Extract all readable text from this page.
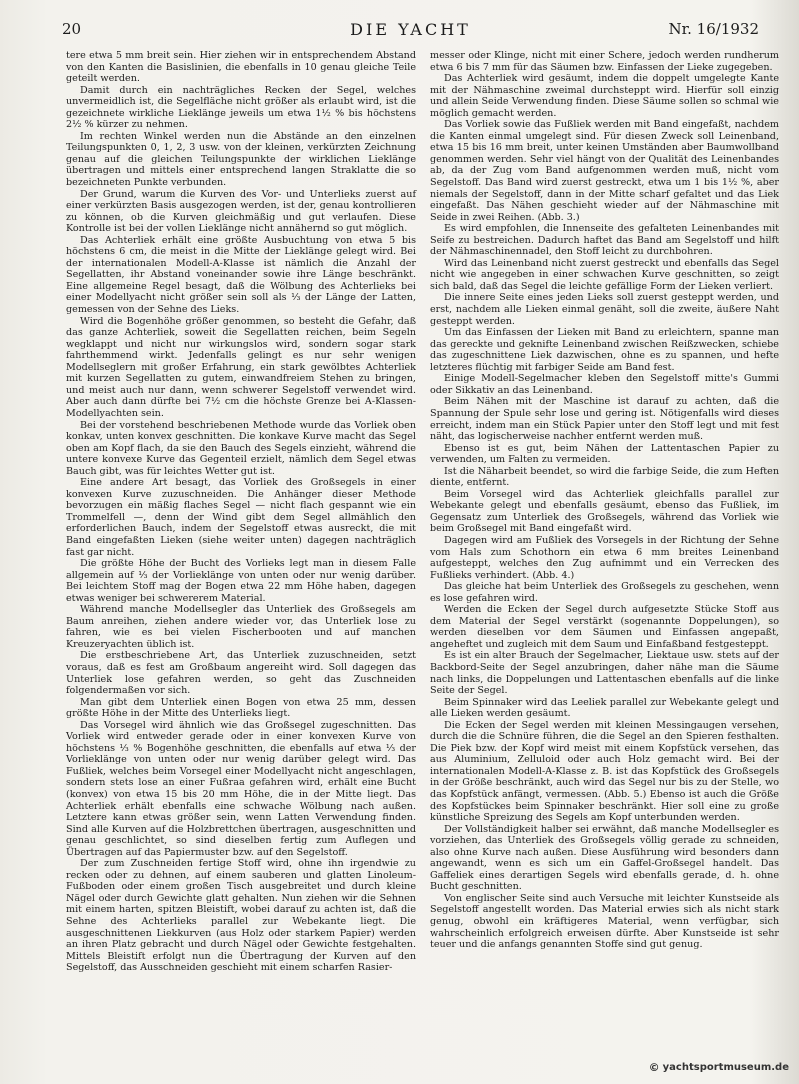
20	DIE YACHT	Nr. 16/1932

tere etwa 5 mm breit sein. Hier ziehen wir in entsprechendem Abstand von den Kanten die Basislinien, die ebenfalls in 10 genau gleiche Teile geteilt werden.

Damit durch ein nachträgliches Recken der Segel, welches unvermeidlich ist, die Segelfläche nicht größer als erlaubt wird, ist die gezeichnete wirkliche Lieklänge jeweils um etwa 1½ % bis höchstens 2½ % kürzer zu nehmen.

Im rechten Winkel werden nun die Abstände an den einzelnen Teilungspunkten 0, 1, 2, 3 usw. von der kleinen, verkürzten Zeichnung genau auf die gleichen Teilungspunkte der wirklichen Lieklänge übertragen und mittels einer entsprechend langen Straklatte die so bezeichneten Punkte verbunden.

Der Grund, warum die Kurven des Vor- und Unterlieks zuerst auf einer verkürzten Basis ausgezogen werden, ist der, genau kontrollieren zu können, ob die Kurven gleichmäßig und gut verlaufen. Diese Kontrolle ist bei der vollen Lieklänge nicht annähernd so gut möglich.

Das Achterliek erhält eine größte Ausbuchtung von etwa 5 bis höchstens 6 cm, die meist in die Mitte der Lieklänge gelegt wird. Bei der internationalen Modell-A-Klasse ist nämlich die Anzahl der Segellatten, ihr Abstand voneinander sowie ihre Länge beschränkt. Eine allgemeine Regel besagt, daß die Wölbung des Achterlieks bei einer Modellyacht nicht größer sein soll als ⅓ der Länge der Latten, gemessen von der Sehne des Lieks.

Wird die Bogenhöhe größer genommen, so besteht die Gefahr, daß das ganze Achterliek, soweit die Segellatten reichen, beim Segeln wegklappt und nicht nur wirkungslos wird, sondern sogar stark fahrthemmend wirkt. Jedenfalls gelingt es nur sehr wenigen Modellseglern mit großer Erfahrung, ein stark gewölbtes Achterliek mit kurzen Segellatten zu gutem, einwandfreiem Stehen zu bringen, und meist auch nur dann, wenn schwerer Segelstoff verwendet wird. Aber auch dann dürfte bei 7½ cm die höchste Grenze bei A-Klassen-Modellyachten sein.

Bei der vorstehend beschriebenen Methode wurde das Vorliek oben konkav, unten konvex geschnitten. Die konkave Kurve macht das Segel oben am Kopf flach, da sie den Bauch des Segels einzieht, während die untere konvexe Kurve das Gegenteil erzielt, nämlich dem Segel etwas Bauch gibt, was für leichtes Wetter gut ist.

Eine andere Art besagt, das Vorliek des Großsegels in einer konvexen Kurve zuzuschneiden. Die Anhänger dieser Methode bevorzugen ein mäßig flaches Segel — nicht flach gespannt wie ein Trommelfell —, denn der Wind gibt dem Segel allmählich den erforderlichen Bauch, indem der Segelstoff etwas ausreckt, die mit Band eingefaßten Lieken (siehe weiter unten) dagegen nachträglich fast gar nicht.

Die größte Höhe der Bucht des Vorlieks legt man in diesem Falle allgemein auf ⅓ der Vorlieklänge von unten oder nur wenig darüber. Bei leichtem Stoff mag der Bogen etwa 22 mm Höhe haben, dagegen etwas weniger bei schwererem Material.

Während manche Modellsegler das Unterliek des Großsegels am Baum anreihen, ziehen andere wieder vor, das Unterliek lose zu fahren, wie es bei vielen Fischerbooten und auf manchen Kreuzeryachten üblich ist.

Die erstbeschriebene Art, das Unterliek zuzuschneiden, setzt voraus, daß es fest am Großbaum angereiht wird. Soll dagegen das Unterliek lose gefahren werden, so geht das Zuschneiden folgendermaßen vor sich.

Man gibt dem Unterliek einen Bogen von etwa 25 mm, dessen größte Höhe in der Mitte des Unterlieks liegt.

Das Vorsegel wird ähnlich wie das Großsegel zugeschnitten. Das Vorliek wird entweder gerade oder in einer konvexen Kurve von höchstens ⅓ % Bogenhöhe geschnitten, die ebenfalls auf etwa ⅓ der Vorlieklänge von unten oder nur wenig darüber gelegt wird. Das Fußliek, welches beim Vorsegel einer Modellyacht nicht angeschlagen, sondern stets lose an einer Fußraa gefahren wird, erhält eine Bucht (konvex) von etwa 15 bis 20 mm Höhe, die in der Mitte liegt. Das Achterliek erhält ebenfalls eine schwache Wölbung nach außen. Letztere kann etwas größer sein, wenn Latten Verwendung finden. Sind alle Kurven auf die Holzbrettchen übertragen, ausgeschnitten und genau geschlichtet, so sind dieselben fertig zum Auflegen und Übertragen auf das Papiermuster bzw. auf den Segelstoff.

Der zum Zuschneiden fertige Stoff wird, ohne ihn irgendwie zu recken oder zu dehnen, auf einem sauberen und glatten Linoleum-Fußboden oder einem großen Tisch ausgebreitet und durch kleine Nägel oder durch Gewichte glatt gehalten. Nun ziehen wir die Sehnen mit einem harten, spitzen Bleistift, wobei darauf zu achten ist, daß die Sehne des Achterlieks parallel zur Webekante liegt. Die ausgeschnittenen Liekkurven (aus Holz oder starkem Papier) werden an ihren Platz gebracht und durch Nägel oder Gewichte festgehalten. Mittels Bleistift erfolgt nun die Übertragung der Kurven auf den Segelstoff, das Ausschneiden geschieht mit einem scharfen Rasier-

messer oder Klinge, nicht mit einer Schere, jedoch werden rundherum etwa 6 bis 7 mm für das Säumen bzw. Einfassen der Lieke zugegeben.

Das Achterliek wird gesäumt, indem die doppelt umgelegte Kante mit der Nähmaschine zweimal durchsteppt wird. Hierfür soll einzig und allein Seide Verwendung finden. Diese Säume sollen so schmal wie möglich gemacht werden.

Das Vorliek sowie das Fußliek werden mit Band eingefaßt, nachdem die Kanten einmal umgelegt sind. Für diesen Zweck soll Leinenband, etwa 15 bis 16 mm breit, unter keinen Umständen aber Baumwollband genommen werden. Sehr viel hängt von der Qualität des Leinenbandes ab, da der Zug vom Band aufgenommen werden muß, nicht vom Segelstoff. Das Band wird zuerst gestreckt, etwa um 1 bis 1½ %, aber niemals der Segelstoff, dann in der Mitte scharf gefaltet und das Liek eingefaßt. Das Nähen geschieht wieder auf der Nähmaschine mit Seide in zwei Reihen. (Abb. 3.)

Es wird empfohlen, die Innenseite des gefalteten Leinenbandes mit Seife zu bestreichen. Dadurch haftet das Band am Segelstoff und hilft der Nähmaschinennadel, den Stoff leicht zu durchbohren.

Wird das Leinenband nicht zuerst gestreckt und ebenfalls das Segel nicht wie angegeben in einer schwachen Kurve geschnitten, so zeigt sich bald, daß das Segel die leichte gefällige Form der Lieken verliert.

Die innere Seite eines jeden Lieks soll zuerst gesteppt werden, und erst, nachdem alle Lieken einmal genäht, soll die zweite, äußere Naht gesteppt werden.

Um das Einfassen der Lieken mit Band zu erleichtern, spanne man das gereckte und geknifte Leinenband zwischen Reißzwecken, schiebe das zugeschnittene Liek dazwischen, ohne es zu spannen, und hefte letzteres flüchtig mit farbiger Seide am Band fest.

Einige Modell-Segelmacher kleben den Segelstoff mitte's Gummi oder Sikkativ an das Leinenband.

Beim Nähen mit der Maschine ist darauf zu achten, daß die Spannung der Spule sehr lose und gering ist. Nötigenfalls wird dieses erreicht, indem man ein Stück Papier unter den Stoff legt und mit fest näht, das logischerweise nachher entfernt werden muß.

Ebenso ist es gut, beim Nähen der Lattentaschen Papier zu verwenden, um Falten zu vermeiden.

Ist die Näharbeit beendet, so wird die farbige Seide, die zum Heften diente, entfernt.

Beim Vorsegel wird das Achterliek gleichfalls parallel zur Webekante gelegt und ebenfalls gesäumt, ebenso das Fußliek, im Gegensatz zum Unterliek des Großsegels, während das Vorliek wie beim Großsegel mit Band eingefaßt wird.

Dagegen wird am Fußliek des Vorsegels in der Richtung der Sehne vom Hals zum Schothorn ein etwa 6 mm breites Leinenband aufgesteppt, welches den Zug aufnimmt und ein Verrecken des Fußlieks verhindert. (Abb. 4.)

Das gleiche hat beim Unterliek des Großsegels zu geschehen, wenn es lose gefahren wird.

Werden die Ecken der Segel durch aufgesetzte Stücke Stoff aus dem Material der Segel verstärkt (sogenannte Doppelungen), so werden dieselben vor dem Säumen und Einfassen angepaßt, angeheftet und zugleich mit dem Saum und Einfaßband festgesteppt.

Es ist ein alter Brauch der Segelmacher, Liektaue usw. stets auf der Backbord-Seite der Segel anzubringen, daher nähe man die Säume nach links, die Doppelungen und Lattentaschen ebenfalls auf die linke Seite der Segel.

Beim Spinnaker wird das Leeliek parallel zur Webekante gelegt und alle Lieken werden gesäumt.

Die Ecken der Segel werden mit kleinen Messingaugen versehen, durch die die Schnüre führen, die die Segel an den Spieren festhalten. Die Piek bzw. der Kopf wird meist mit einem Kopfstück versehen, das aus Aluminium, Zelluloid oder auch Holz gemacht wird. Bei der internationalen Modell-A-Klasse z. B. ist das Kopfstück des Großsegels in der Größe beschränkt, auch wird das Segel nur bis zu der Stelle, wo das Kopfstück anfängt, vermessen. (Abb. 5.) Ebenso ist auch die Größe des Kopfstückes beim Spinnaker beschränkt. Hier soll eine zu große künstliche Spreizung des Segels am Kopf unterbunden werden.

Der Vollständigkeit halber sei erwähnt, daß manche Modellsegler es vorziehen, das Unterliek des Großsegels völlig gerade zu schneiden, also ohne Kurve nach außen. Diese Ausführung wird besonders dann angewandt, wenn es sich um ein Gaffel-Großsegel handelt. Das Gaffeliek eines derartigen Segels wird ebenfalls gerade, d. h. ohne Bucht geschnitten.

Von englischer Seite sind auch Versuche mit leichter Kunstseide als Segelstoff angestellt worden. Das Material erwies sich als nicht stark genug, obwohl ein kräftigeres Material, wenn verfügbar, sich wahrscheinlich erfolgreich erweisen dürfte. Aber Kunstseide ist sehr teuer und die anfangs genannten Stoffe sind gut genug.

© yachtsportmuseum.de
